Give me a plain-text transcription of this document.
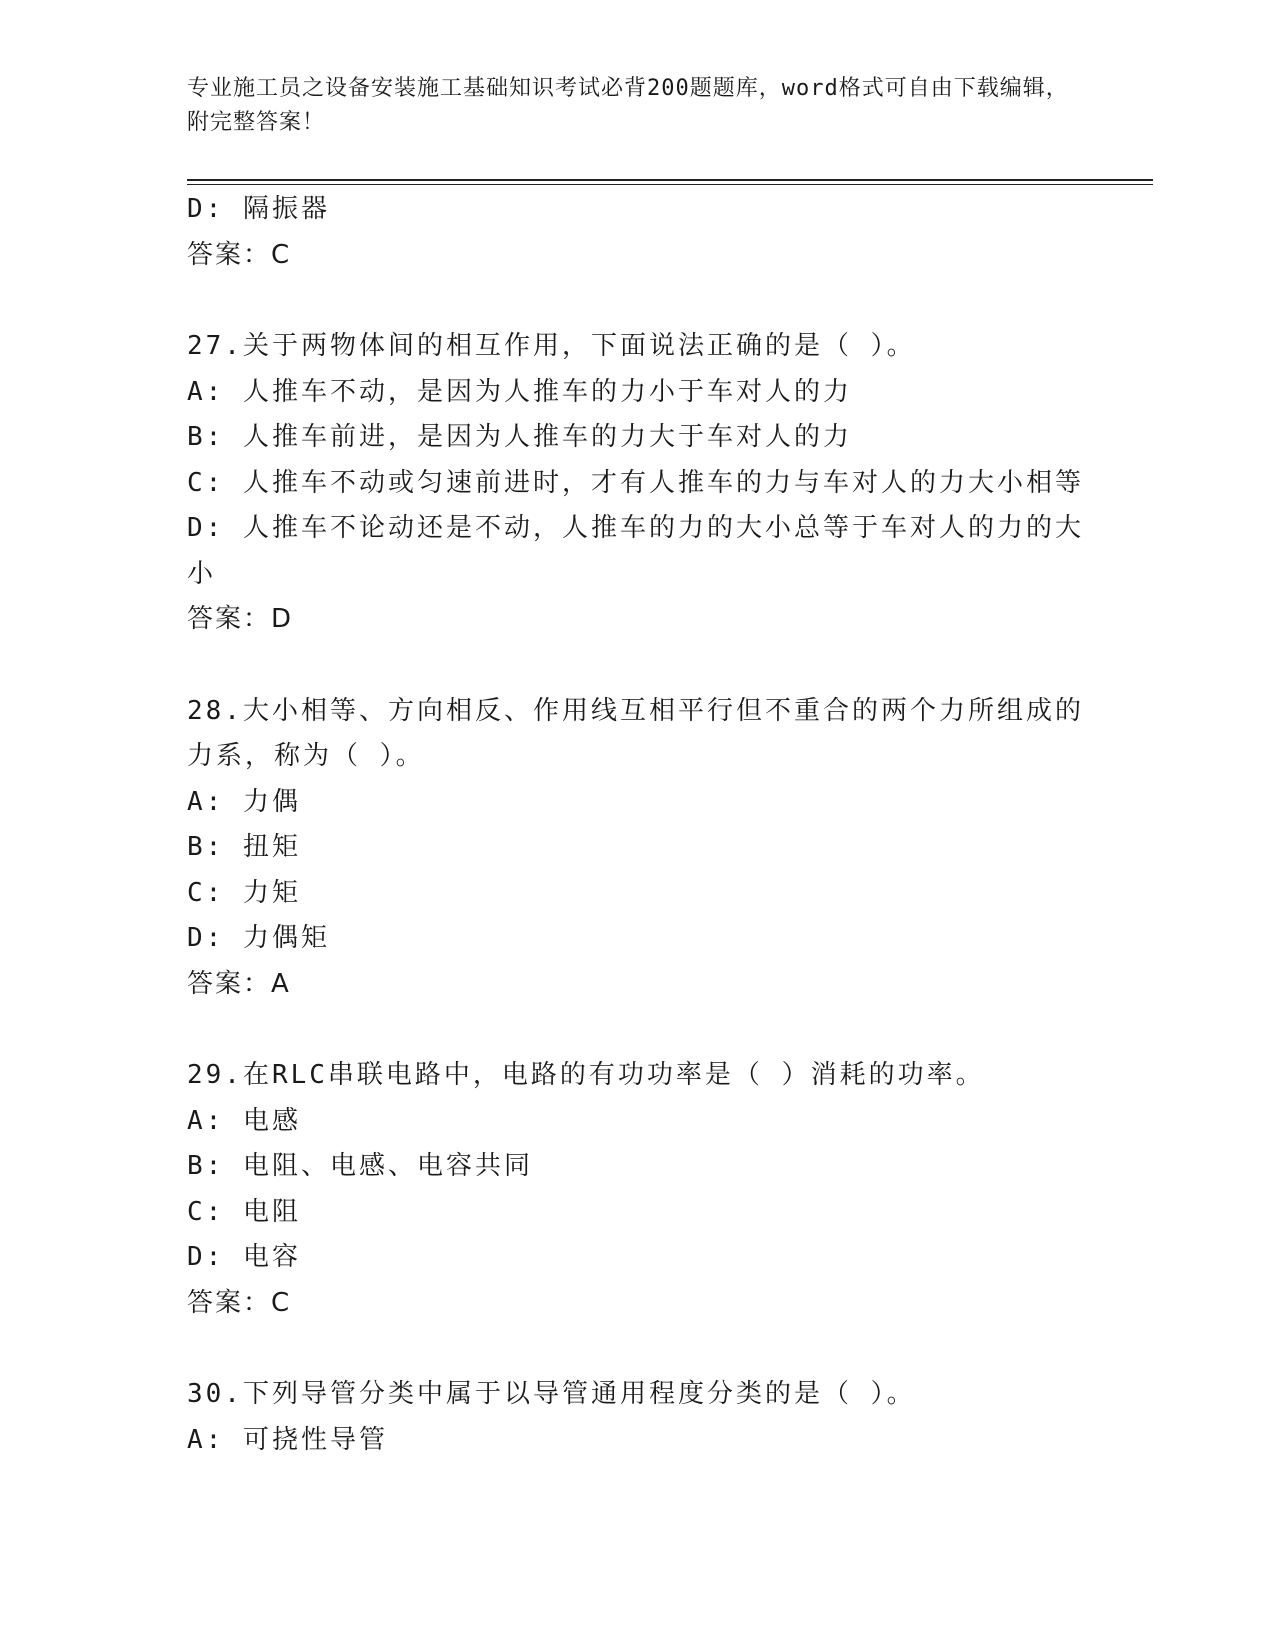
专业施工员之设备安装施工基础知识考试必背200题题库，word格式可自由下载编辑，附完整答案！
D: 隔振器
答案：C
27.关于两物体间的相互作用，下面说法正确的是（ ）。
A: 人推车不动，是因为人推车的力小于车对人的力
B: 人推车前进，是因为人推车的力大于车对人的力
C: 人推车不动或匀速前进时，才有人推车的力与车对人的力大小相等
D: 人推车不论动还是不动，人推车的力的大小总等于车对人的力的大小
答案：D
28.大小相等、方向相反、作用线互相平行但不重合的两个力所组成的力系，称为（ ）。
A: 力偶
B: 扭矩
C: 力矩
D: 力偶矩
答案：A
29.在RLC串联电路中，电路的有功功率是（ ）消耗的功率。
A: 电感
B: 电阻、电感、电容共同
C: 电阻
D: 电容
答案：C
30.下列导管分类中属于以导管通用程度分类的是（ ）。
A: 可挠性导管
